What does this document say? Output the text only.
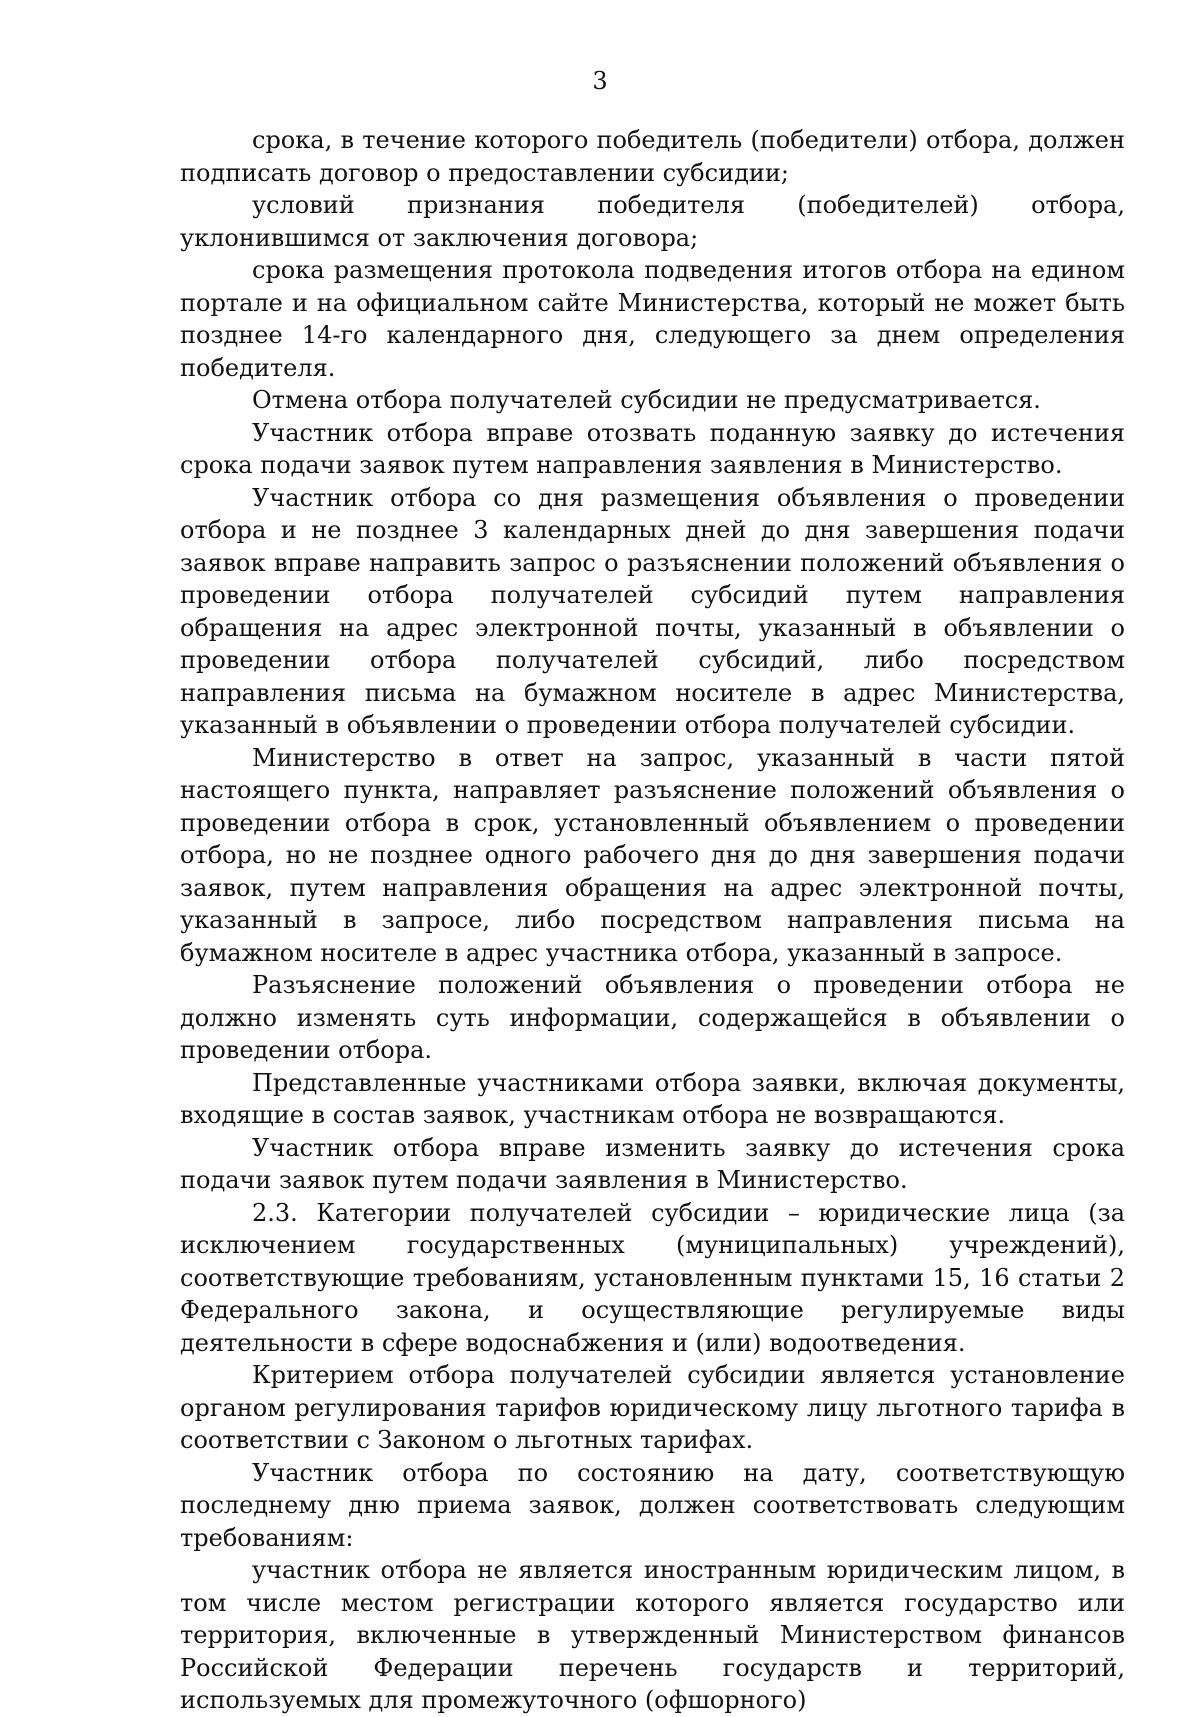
3

срока, в течение которого победитель (победители) отбора, должен подписать договор о предоставлении субсидии;

условий признания победителя (победителей) отбора, уклонившимся от заключения договора;

срока размещения протокола подведения итогов отбора на едином портале и на официальном сайте Министерства, который не может быть позднее 14-го календарного дня, следующего за днем определения победителя.

Отмена отбора получателей субсидии не предусматривается.

Участник отбора вправе отозвать поданную заявку до истечения срока подачи заявок путем направления заявления в Министерство.

Участник отбора со дня размещения объявления о проведении отбора и не позднее 3 календарных дней до дня завершения подачи заявок вправе направить запрос о разъяснении положений объявления о проведении отбора получателей субсидий путем направления обращения на адрес электронной почты, указанный в объявлении о проведении отбора получателей субсидий, либо посредством направления письма на бумажном носителе в адрес Министерства, указанный в объявлении о проведении отбора получателей субсидии.

Министерство в ответ на запрос, указанный в части пятой настоящего пункта, направляет разъяснение положений объявления о проведении отбора в срок, установленный объявлением о проведении отбора, но не позднее одного рабочего дня до дня завершения подачи заявок, путем направления обращения на адрес электронной почты, указанный в запросе, либо посредством направления письма на бумажном носителе в адрес участника отбора, указанный в запросе.

Разъяснение положений объявления о проведении отбора не должно изменять суть информации, содержащейся в объявлении о проведении отбора.

Представленные участниками отбора заявки, включая документы, входящие в состав заявок, участникам отбора не возвращаются.

Участник отбора вправе изменить заявку до истечения срока подачи заявок путем подачи заявления в Министерство.

2.3. Категории получателей субсидии – юридические лица (за исключением государственных (муниципальных) учреждений), соответствующие требованиям, установленным пунктами 15, 16 статьи 2 Федерального закона, и осуществляющие регулируемые виды деятельности в сфере водоснабжения и (или) водоотведения.

Критерием отбора получателей субсидии является установление органом регулирования тарифов юридическому лицу льготного тарифа в соответствии с Законом о льготных тарифах.

Участник отбора по состоянию на дату, соответствующую последнему дню приема заявок, должен соответствовать следующим требованиям:

участник отбора не является иностранным юридическим лицом, в том числе местом регистрации которого является государство или территория, включенные в утвержденный Министерством финансов Российской Федерации перечень государств и территорий, используемых для промежуточного (офшорного)
